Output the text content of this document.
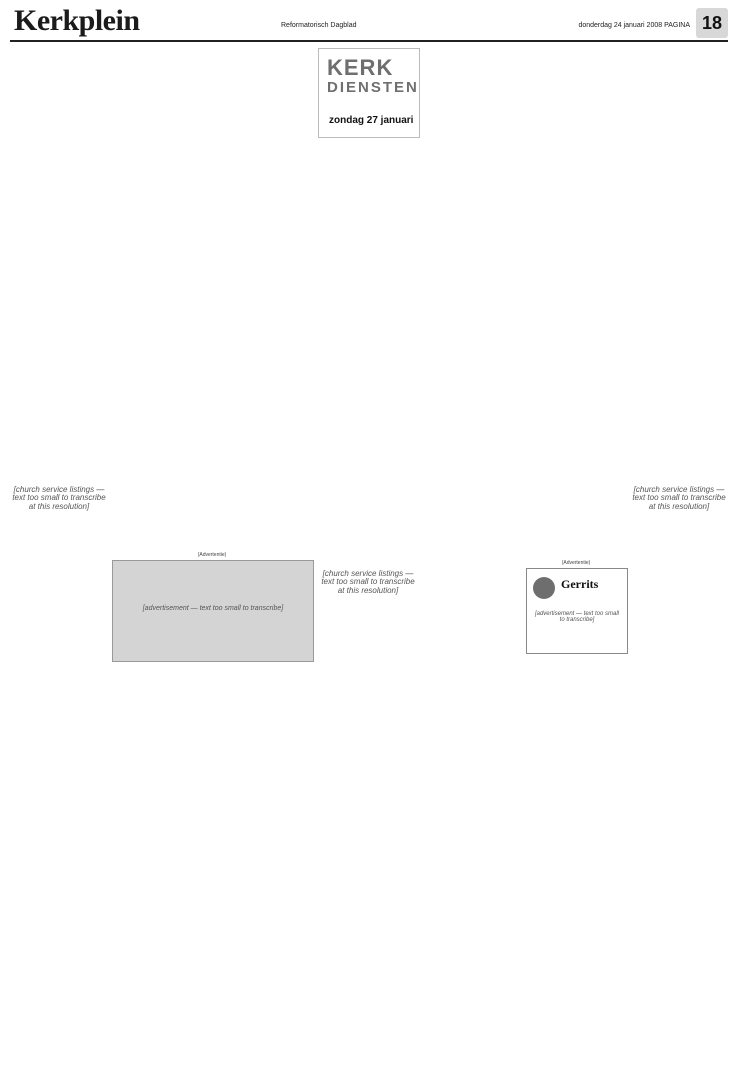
Kerkplein	Reformatorisch Dagblad	donderdag 24 januari 2008 PAGINA 18
KERK
DIENSTEN
zondag 27 januari
[church service listings — text too small to transcribe at this resolution]
[church service listings — text too small to transcribe at this resolution]
[church service listings — text too small to transcribe at this resolution]
(Advertentie)
[advertisement — text too small to transcribe]
(Advertentie)
Gerrits
[advertisement — text too small to transcribe]
